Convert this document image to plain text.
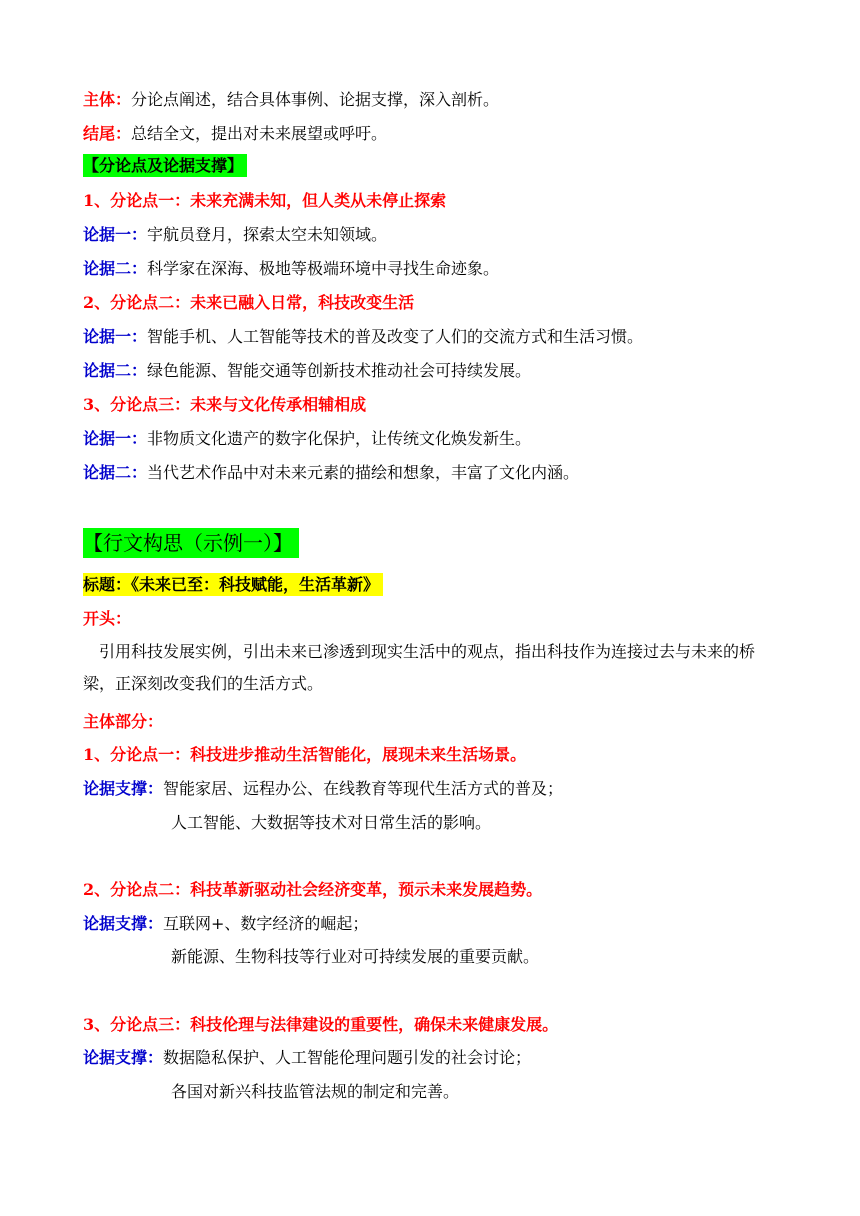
主体：分论点阐述，结合具体事例、论据支撑，深入剖析。
结尾：总结全文，提出对未来展望或呼吁。
【分论点及论据支撑】
1、分论点一：未来充满未知，但人类从未停止探索
论据一：宇航员登月，探索太空未知领域。
论据二：科学家在深海、极地等极端环境中寻找生命迹象。
2、分论点二：未来已融入日常，科技改变生活
论据一：智能手机、人工智能等技术的普及改变了人们的交流方式和生活习惯。
论据二：绿色能源、智能交通等创新技术推动社会可持续发展。
3、分论点三：未来与文化传承相辅相成
论据一：非物质文化遗产的数字化保护，让传统文化焕发新生。
论据二：当代艺术作品中对未来元素的描绘和想象，丰富了文化内涵。
【行文构思（示例一）】
标题：《未来已至：科技赋能，生活革新》
开头：
引用科技发展实例，引出未来已渗透到现实生活中的观点，指出科技作为连接过去与未来的桥梁，正深刻改变我们的生活方式。
主体部分：
1、分论点一：科技进步推动生活智能化，展现未来生活场景。
论据支撑：智能家居、远程办公、在线教育等现代生活方式的普及；
人工智能、大数据等技术对日常生活的影响。
2、分论点二：科技革新驱动社会经济变革，预示未来发展趋势。
论据支撑：互联网+、数字经济的崛起；
新能源、生物科技等行业对可持续发展的重要贡献。
3、分论点三：科技伦理与法律建设的重要性，确保未来健康发展。
论据支撑：数据隐私保护、人工智能伦理问题引发的社会讨论；
各国对新兴科技监管法规的制定和完善。
